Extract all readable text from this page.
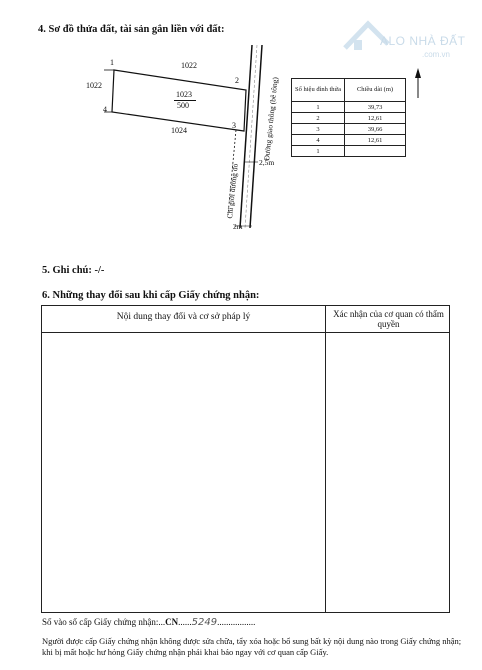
ALO NHÀ ĐẤT
.com.vn
4. Sơ đồ thửa đất, tài sản gắn liền với đất:
1022
1022
1024
1023
500
1
2
3
4	Đường giao thông (bê tông)
Chỉ giới đường đỏ
2,5m
2m
Số hiệu đỉnh thửa	Chiều dài (m)
1	39,73
2	12,61
3	39,66
4	12,61
1	
5. Ghi chú: -/-
6. Những thay đổi sau khi cấp Giấy chứng nhận:
Nội dung thay đổi và cơ sở pháp lý	Xác nhận của cơ quan có thẩm quyền
Số vào sổ cấp Giấy chứng nhận:...CN......5249.................
Người được cấp Giấy chứng nhận không được sửa chữa, tẩy xóa hoặc bổ sung bất kỳ nội dung nào trong Giấy chứng nhận; khi bị mất hoặc hư hỏng Giấy chứng nhận phải khai báo ngay với cơ quan cấp Giấy.
